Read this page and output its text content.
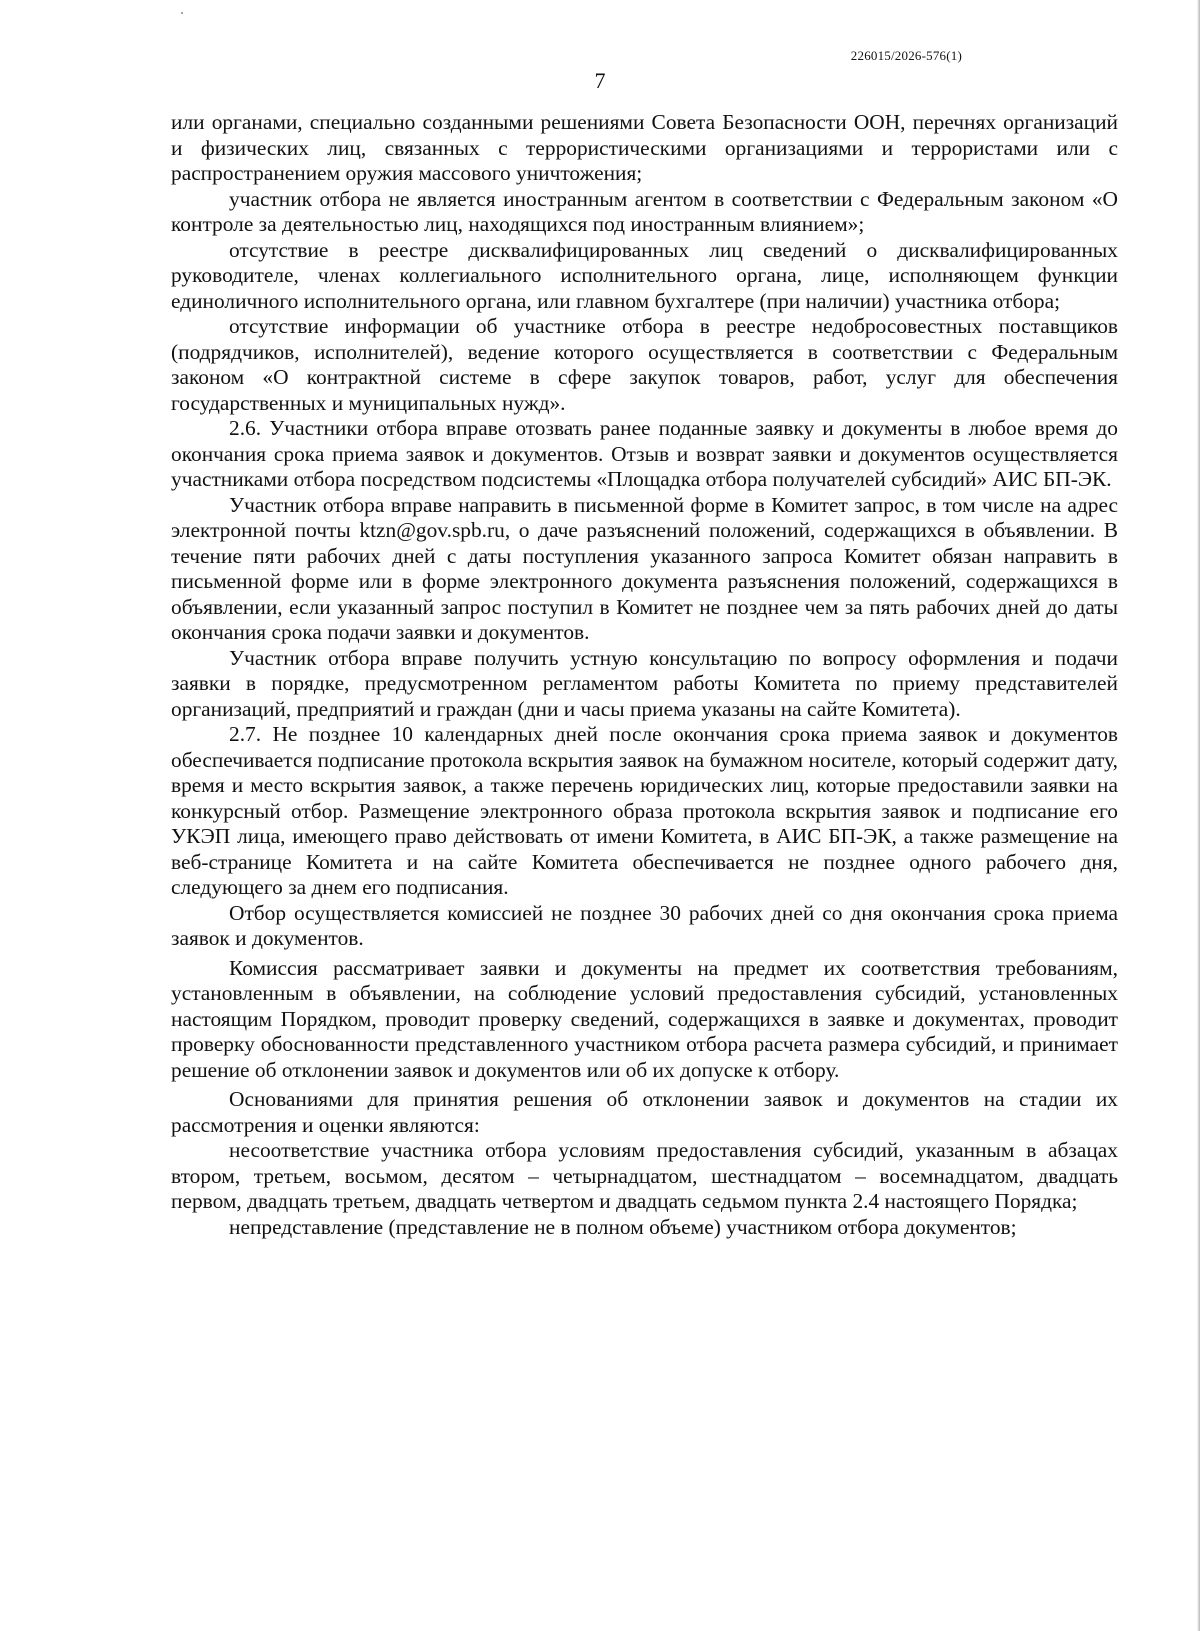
226015/2026-576(1)
7

или органами, специально созданными решениями Совета Безопасности ООН, перечнях организаций и физических лиц, связанных с террористическими организациями и террористами или с распространением оружия массового уничтожения;

участник отбора не является иностранным агентом в соответствии с Федеральным законом «О контроле за деятельностью лиц, находящихся под иностранным влиянием»;

отсутствие в реестре дисквалифицированных лиц сведений о дисквалифицированных руководителе, членах коллегиального исполнительного органа, лице, исполняющем функции единоличного исполнительного органа, или главном бухгалтере (при наличии) участника отбора;

отсутствие информации об участнике отбора в реестре недобросовестных поставщиков (подрядчиков, исполнителей), ведение которого осуществляется в соответствии с Федеральным законом «О контрактной системе в сфере закупок товаров, работ, услуг для обеспечения государственных и муниципальных нужд».

2.6. Участники отбора вправе отозвать ранее поданные заявку и документы в любое время до окончания срока приема заявок и документов. Отзыв и возврат заявки и документов осуществляется участниками отбора посредством подсистемы «Площадка отбора получателей субсидий» АИС БП-ЭК.

Участник отбора вправе направить в письменной форме в Комитет запрос, в том числе на адрес электронной почты ktzn@gov.spb.ru, о даче разъяснений положений, содержащихся в объявлении. В течение пяти рабочих дней с даты поступления указанного запроса Комитет обязан направить в письменной форме или в форме электронного документа разъяснения положений, содержащихся в объявлении, если указанный запрос поступил в Комитет не позднее чем за пять рабочих дней до даты окончания срока подачи заявки и документов.

Участник отбора вправе получить устную консультацию по вопросу оформления и подачи заявки в порядке, предусмотренном регламентом работы Комитета по приему представителей организаций, предприятий и граждан (дни и часы приема указаны на сайте Комитета).

2.7. Не позднее 10 календарных дней после окончания срока приема заявок и документов обеспечивается подписание протокола вскрытия заявок на бумажном носителе, который содержит дату, время и место вскрытия заявок, а также перечень юридических лиц, которые предоставили заявки на конкурсный отбор. Размещение электронного образа протокола вскрытия заявок и подписание его УКЭП лица, имеющего право действовать от имени Комитета, в АИС БП-ЭК, а также размещение на веб-странице Комитета и на сайте Комитета обеспечивается не позднее одного рабочего дня, следующего за днем его подписания.

Отбор осуществляется комиссией не позднее 30 рабочих дней со дня окончания срока приема заявок и документов.

Комиссия рассматривает заявки и документы на предмет их соответствия требованиям, установленным в объявлении, на соблюдение условий предоставления субсидий, установленных настоящим Порядком, проводит проверку сведений, содержащихся в заявке и документах, проводит проверку обоснованности представленного участником отбора расчета размера субсидий, и принимает решение об отклонении заявок и документов или об их допуске к отбору.

Основаниями для принятия решения об отклонении заявок и документов на стадии их рассмотрения и оценки являются:

несоответствие участника отбора условиям предоставления субсидий, указанным в абзацах втором, третьем, восьмом, десятом – четырнадцатом, шестнадцатом – восемнадцатом, двадцать первом, двадцать третьем, двадцать четвертом и двадцать седьмом пункта 2.4 настоящего Порядка;

непредставление (представление не в полном объеме) участником отбора документов;
